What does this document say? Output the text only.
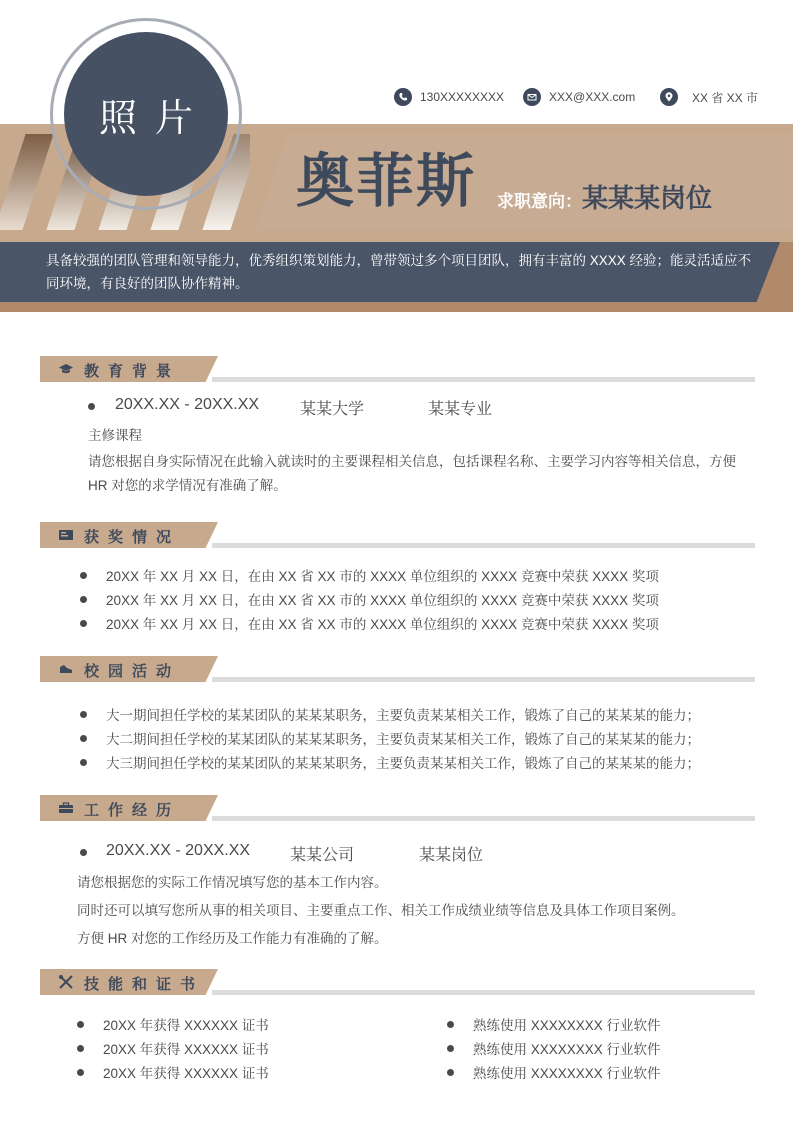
具备较强的团队管理和领导能力，优秀组织策划能力，曾带领过多个项目团队，拥有丰富的 XXXX 经验；能灵活适应不同环境，有良好的团队协作精神。
照片	130XXXXXXXX	XXX@XXX.com	XX 省 XX 市
奥菲斯 求职意向：某某某岗位
教育背景
20XX.XX - 20XX.XX	某某大学	某某专业
主修课程
请您根据自身实际情况在此输入就读时的主要课程相关信息，包括课程名称、主要学习内容等相关信息，方便 HR 对您的求学情况有准确了解。
获奖情况
20XX 年 XX 月 XX 日，在由 XX 省 XX 市的 XXXX 单位组织的 XXXX 竞赛中荣获 XXXX 奖项
20XX 年 XX 月 XX 日，在由 XX 省 XX 市的 XXXX 单位组织的 XXXX 竞赛中荣获 XXXX 奖项
20XX 年 XX 月 XX 日，在由 XX 省 XX 市的 XXXX 单位组织的 XXXX 竞赛中荣获 XXXX 奖项
校园活动
大一期间担任学校的某某团队的某某某职务，主要负责某某相关工作，锻炼了自己的某某某的能力；
大二期间担任学校的某某团队的某某某职务，主要负责某某相关工作，锻炼了自己的某某某的能力；
大三期间担任学校的某某团队的某某某职务，主要负责某某相关工作，锻炼了自己的某某某的能力；
工作经历
20XX.XX - 20XX.XX 某某公司	某某岗位
请您根据您的实际工作情况填写您的基本工作内容。
同时还可以填写您所从事的相关项目、主要重点工作、相关工作成绩业绩等信息及具体工作项目案例。
方便 HR 对您的工作经历及工作能力有准确的了解。
技能和证书
20XX 年获得 XXXXXX 证书
20XX 年获得 XXXXXX 证书
20XX 年获得 XXXXXX 证书
熟练使用 XXXXXXXX 行业软件
熟练使用 XXXXXXXX 行业软件
熟练使用 XXXXXXXX 行业软件
